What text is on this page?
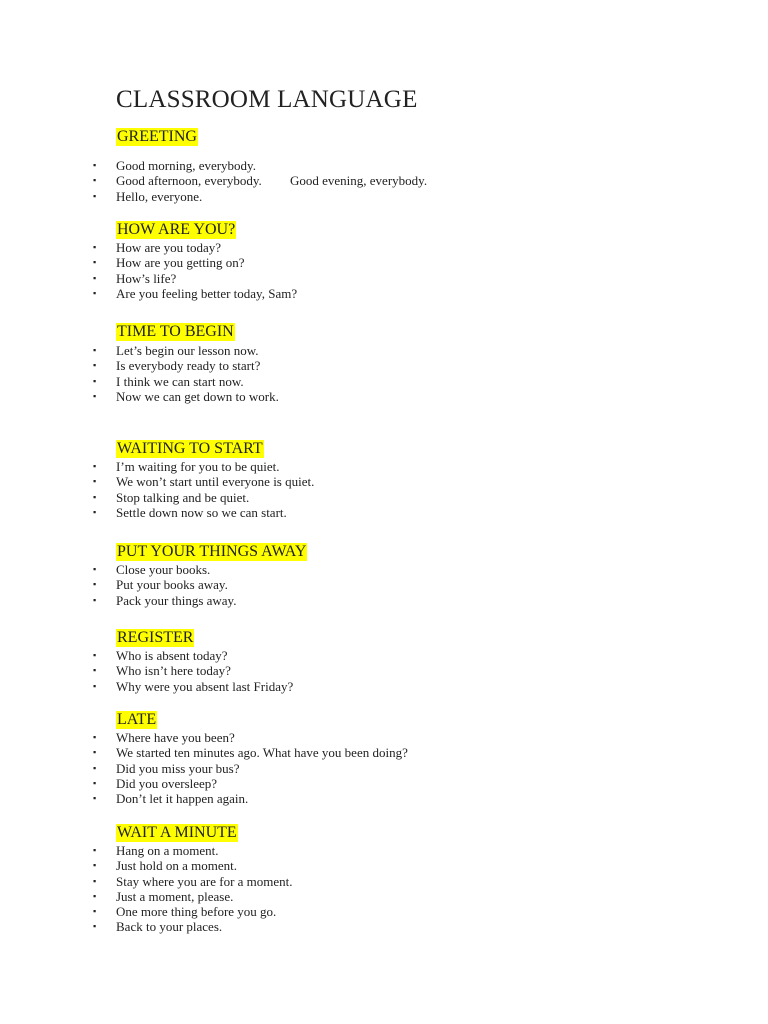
CLASSROOM LANGUAGE
GREETING
▪ Good morning, everybody.
▪ Good afternoon, everybody. Good evening, everybody.
▪ Hello, everyone.
HOW ARE YOU?
▪ How are you today?
▪ How are you getting on?
▪ How’s life?
▪ Are you feeling better today, Sam?
TIME TO BEGIN
▪ Let’s begin our lesson now.
▪ Is everybody ready to start?
▪ I think we can start now.
▪ Now we can get down to work.
WAITING TO START
▪ I’m waiting for you to be quiet.
▪ We won’t start until everyone is quiet.
▪ Stop talking and be quiet.
▪ Settle down now so we can start.
PUT YOUR THINGS AWAY
▪ Close your books.
▪ Put your books away.
▪ Pack your things away.
REGISTER
▪ Who is absent today?
▪ Who isn’t here today?
▪ Why were you absent last Friday?
LATE
▪ Where have you been?
▪ We started ten minutes ago. What have you been doing?
▪ Did you miss your bus?
▪ Did you oversleep?
▪ Don’t let it happen again.
WAIT A MINUTE
▪ Hang on a moment.
▪ Just hold on a moment.
▪ Stay where you are for a moment.
▪ Just a moment, please.
▪ One more thing before you go.
▪ Back to your places.
